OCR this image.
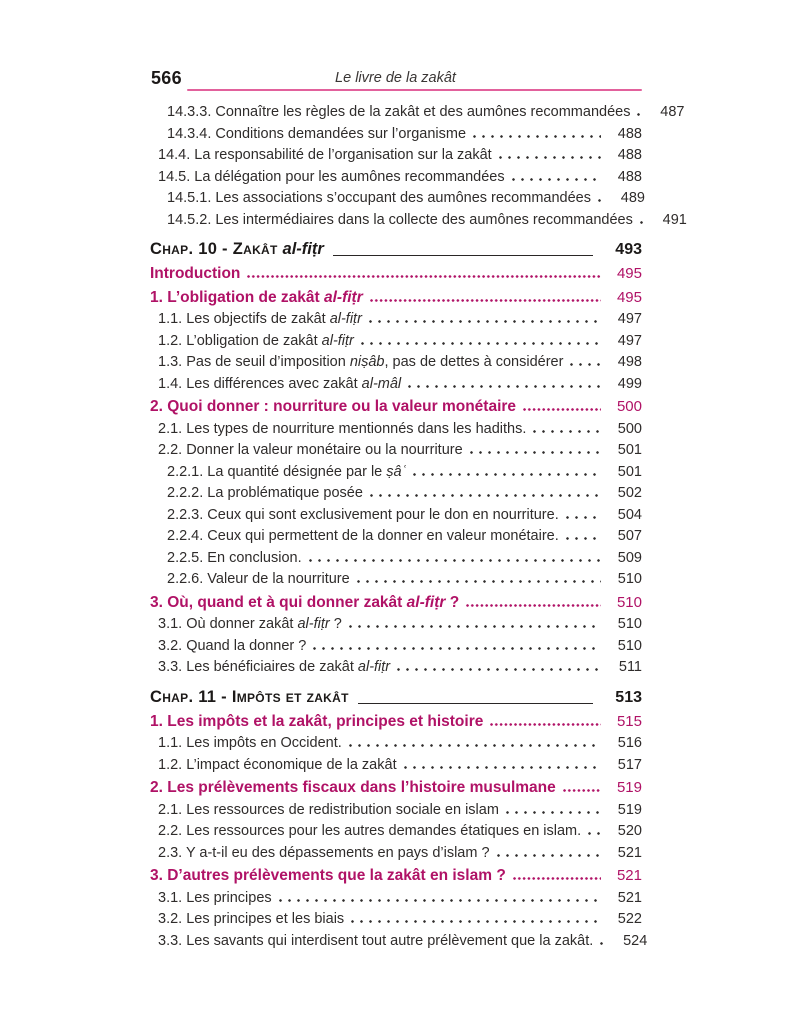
566	Le livre de la zakât
14.3.3. Connaître les règles de la zakât et des aumônes recommandées	487
14.3.4. Conditions demandées sur l’organisme	488
14.4. La responsabilité de l’organisation sur la zakât	488
14.5. La délégation pour les aumônes recommandées	488
14.5.1. Les associations s’occupant des aumônes recommandées	489
14.5.2. Les intermédiaires dans la collecte des aumônes recommandées	491
Chap. 10 - Zakât al-fiṭr	493
Introduction	495
1. L’obligation de zakât al-fiṭr	495
1.1. Les objectifs de zakât al-fiṭr	497
1.2. L’obligation de zakât al-fiṭr	497
1.3. Pas de seuil d’imposition niṣâb, pas de dettes à considérer	498
1.4. Les différences avec zakât al-mâl	499
2. Quoi donner : nourriture ou la valeur monétaire	500
2.1. Les types de nourriture mentionnés dans les hadiths.	500
2.2. Donner la valeur monétaire ou la nourriture	501
2.2.1. La quantité désignée par le ṣâʿ	501
2.2.2. La problématique posée	502
2.2.3. Ceux qui sont exclusivement pour le don en nourriture.	504
2.2.4. Ceux qui permettent de la donner en valeur monétaire.	507
2.2.5. En conclusion.	509
2.2.6. Valeur de la nourriture	510
3. Où, quand et à qui donner zakât al-fiṭr ?	510
3.1. Où donner zakât al-fiṭr ?	510
3.2. Quand la donner ?	510
3.3. Les bénéficiaires de zakât al-fiṭr	511
Chap. 11 - Impôts et zakât	513
1. Les impôts et la zakât, principes et histoire	515
1.1. Les impôts en Occident.	516
1.2. L’impact économique de la zakât	517
2. Les prélèvements fiscaux dans l’histoire musulmane	519
2.1. Les ressources de redistribution sociale en islam	519
2.2. Les ressources pour les autres demandes étatiques en islam.	520
2.3. Y a-t-il eu des dépassements en pays d’islam ?	521
3. D’autres prélèvements que la zakât en islam ?	521
3.1. Les principes	521
3.2. Les principes et les biais	522
3.3. Les savants qui interdisent tout autre prélèvement que la zakât.	524
